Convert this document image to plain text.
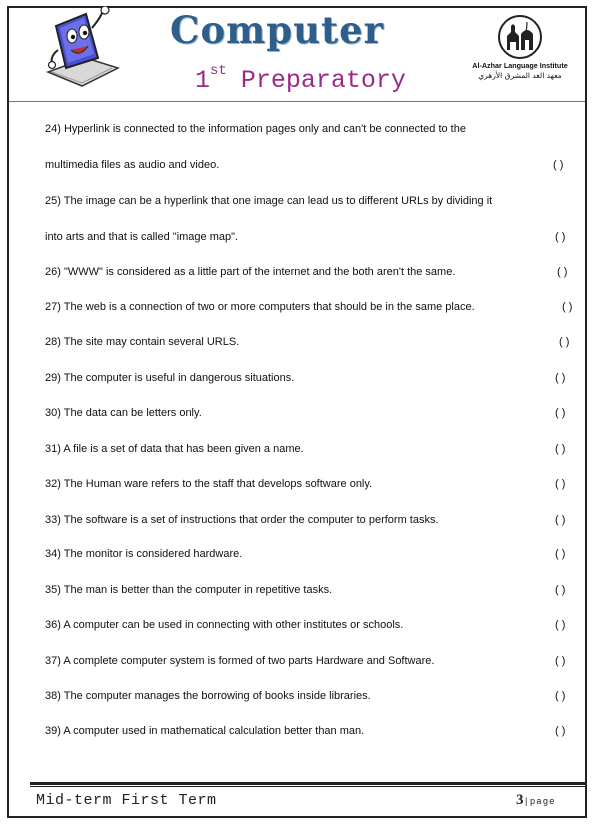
Computer
1st Preparatory
Al-Azhar Language Institute
معهد الغد المشرق الأزهري
24) Hyperlink is connected to the information pages only and can't be connected to the
multimedia files as audio and video.	( )
25) The image can be a hyperlink that one image can lead us to different URLs by dividing it
into arts and that is called "image map".	( )
26) "WWW" is considered as a little part of the internet and the both aren't the same.	( )
27) The web is a connection of two or more computers that should be in the same place.	( )
28) The site may contain several URLS.	( )
29) The computer is useful in dangerous situations.	( )
30) The data can be letters only.	( )
31) A file is a set of data that has been given a name.	( )
32) The Human ware refers to the staff that develops software only.	( )
33) The software is a set of instructions that order the computer to perform tasks.	( )
34) The monitor is considered hardware.	( )
35) The man is better than the computer in repetitive tasks.	( )
36) A computer can be used in connecting with other institutes or schools.	( )
37) A complete computer system is formed of two parts Hardware and Software.	( )
38) The computer manages the borrowing of books inside libraries.	( )
39) A computer used in mathematical calculation better than man.	( )
Mid-term First Term	3|page
